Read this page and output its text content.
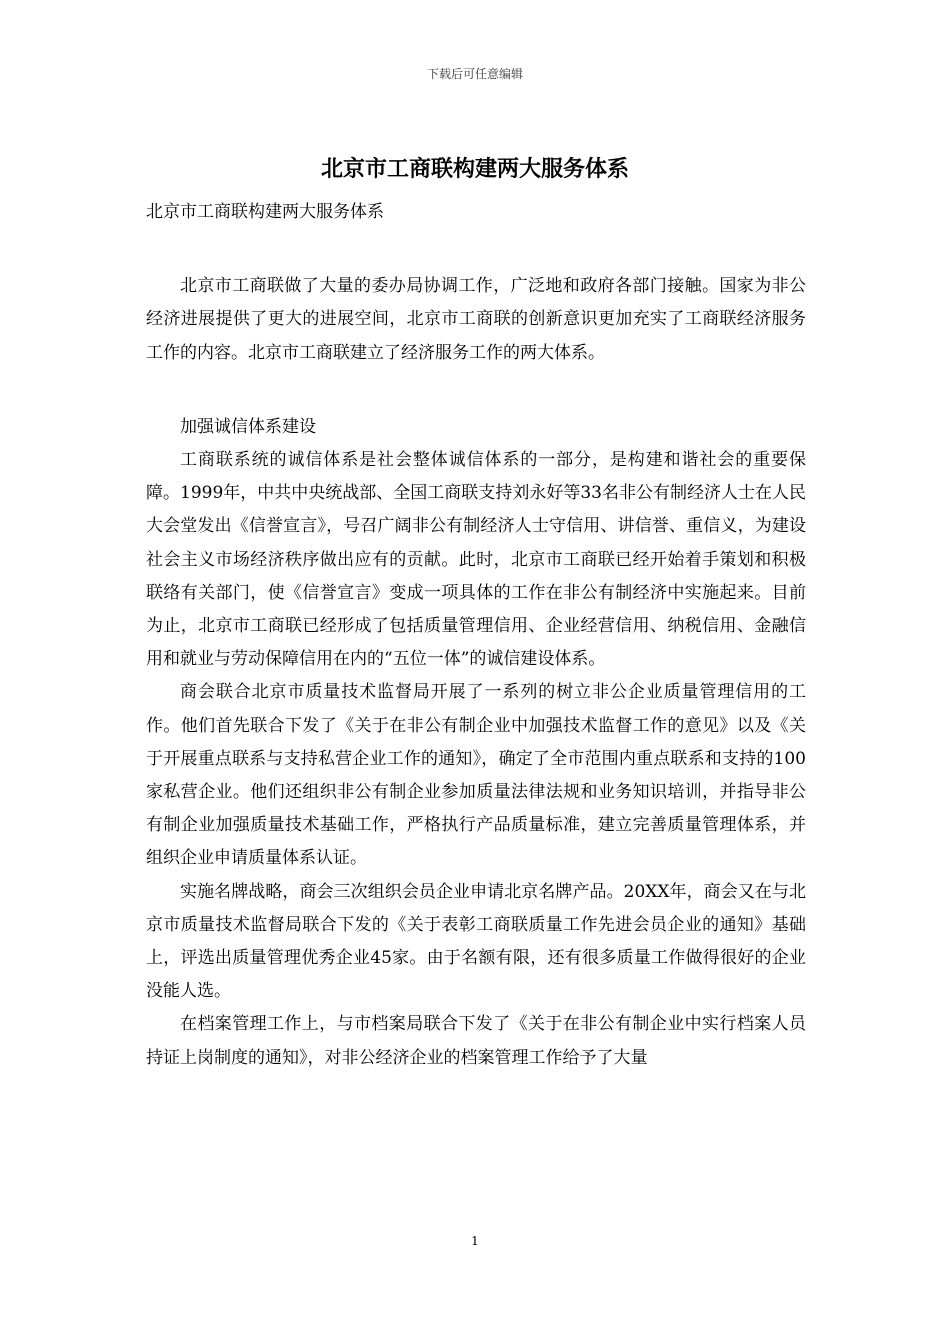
下载后可任意编辑
北京市工商联构建两大服务体系

北京市工商联构建两大服务体系

北京市工商联做了大量的委办局协调工作，广泛地和政府各部门接触。国家为非公经济进展提供了更大的进展空间，北京市工商联的创新意识更加充实了工商联经济服务工作的内容。北京市工商联建立了经济服务工作的两大体系。

加强诚信体系建设

工商联系统的诚信体系是社会整体诚信体系的一部分，是构建和谐社会的重要保障。1999年，中共中央统战部、全国工商联支持刘永好等33名非公有制经济人士在人民大会堂发出《信誉宣言》，号召广阔非公有制经济人士守信用、讲信誉、重信义，为建设社会主义市场经济秩序做出应有的贡献。此时，北京市工商联已经开始着手策划和积极联络有关部门，使《信誉宣言》变成一项具体的工作在非公有制经济中实施起来。目前为止，北京市工商联已经形成了包括质量管理信用、企业经营信用、纳税信用、金融信用和就业与劳动保障信用在内的“五位一体”的诚信建设体系。

商会联合北京市质量技术监督局开展了一系列的树立非公企业质量管理信用的工作。他们首先联合下发了《关于在非公有制企业中加强技术监督工作的意见》以及《关于开展重点联系与支持私营企业工作的通知》，确定了全市范围内重点联系和支持的100家私营企业。他们还组织非公有制企业参加质量法律法规和业务知识培训，并指导非公有制企业加强质量技术基础工作，严格执行产品质量标准，建立完善质量管理体系，并组织企业申请质量体系认证。

实施名牌战略，商会三次组织会员企业申请北京名牌产品。20XX年，商会又在与北京市质量技术监督局联合下发的《关于表彰工商联质量工作先进会员企业的通知》基础上，评选出质量管理优秀企业45家。由于名额有限，还有很多质量工作做得很好的企业没能人选。

在档案管理工作上，与市档案局联合下发了《关于在非公有制企业中实行档案人员持证上岗制度的通知》，对非公经济企业的档案管理工作给予了大量

1
